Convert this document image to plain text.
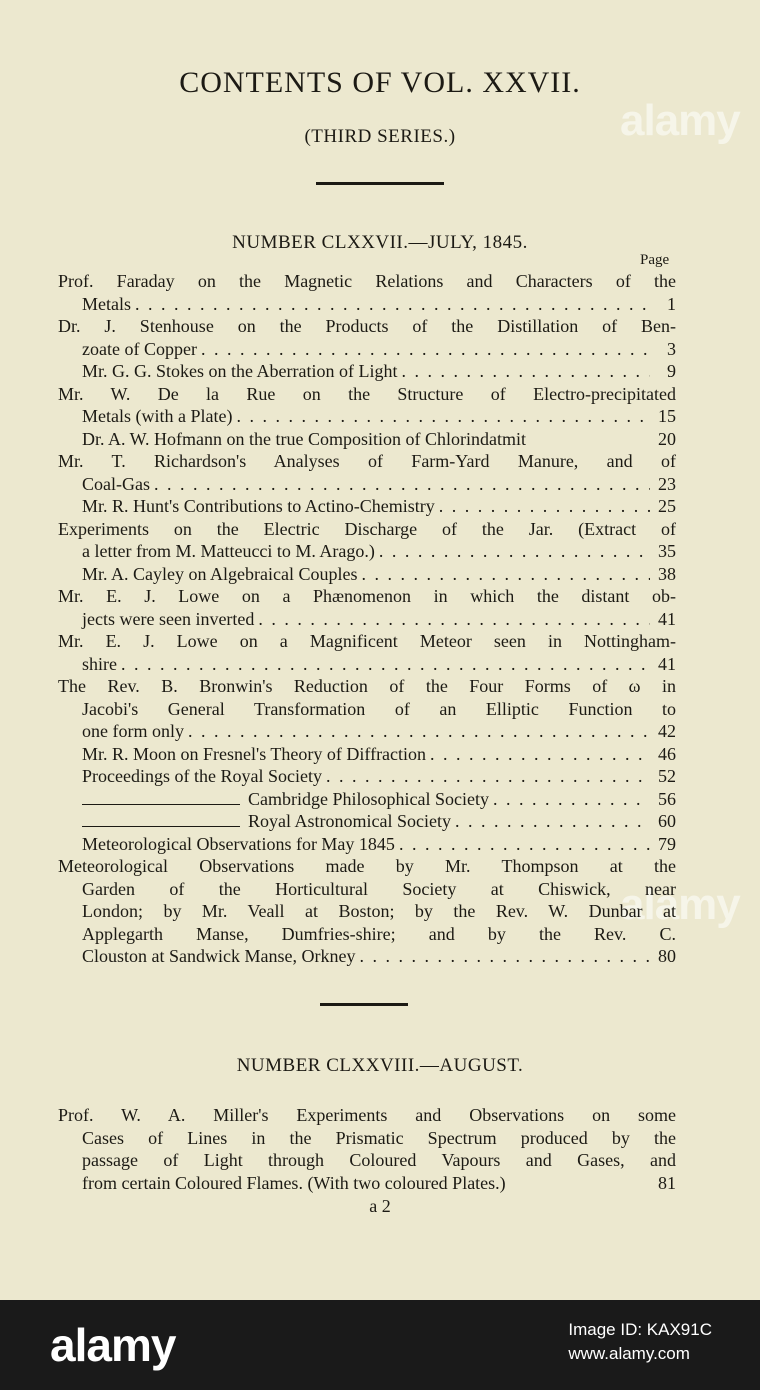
alamy
alamy
CONTENTS OF VOL. XXVII.
(THIRD SERIES.)
NUMBER CLXXVII.—JULY, 1845.
Page
Prof. Faraday on the Magnetic Relations and Characters of the
Metals . . .	1
Dr. J. Stenhouse on the Products of the Distillation of Ben-
zoate of Copper . . .	3
Mr. G. G. Stokes on the Aberration of Light . . .	9
Mr. W. De la Rue on the Structure of Electro-precipitated
Metals (with a Plate) . . .	15
Dr. A. W. Hofmann on the true Composition of Chlorindatmit	20
Mr. T. Richardson's Analyses of Farm-Yard Manure, and of
Coal-Gas . . .	23
Mr. R. Hunt's Contributions to Actino-Chemistry . . .	25
Experiments on the Electric Discharge of the Jar. (Extract of
a letter from M. Matteucci to M. Arago.) . . .	35
Mr. A. Cayley on Algebraical Couples . . .	38
Mr. E. J. Lowe on a Phænomenon in which the distant ob-
jects were seen inverted . . .	41
Mr. E. J. Lowe on a Magnificent Meteor seen in Nottingham-
shire . . .	41
The Rev. B. Bronwin's Reduction of the Four Forms of ω in
Jacobi's General Transformation of an Elliptic Function to
one form only . . .	42
Mr. R. Moon on Fresnel's Theory of Diffraction . . .	46
Proceedings of the Royal Society . . .	52
Cambridge Philosophical Society . . .	56
Royal Astronomical Society . . .	60
Meteorological Observations for May 1845 . . .	79
Meteorological Observations made by Mr. Thompson at the
Garden of the Horticultural Society at Chiswick, near
London; by Mr. Veall at Boston; by the Rev. W. Dunbar at
Applegarth Manse, Dumfries-shire; and by the Rev. C.
Clouston at Sandwick Manse, Orkney . . .	80
NUMBER CLXXVIII.—AUGUST.
Prof. W. A. Miller's Experiments and Observations on some
Cases of Lines in the Prismatic Spectrum produced by the
passage of Light through Coloured Vapours and Gases, and
from certain Coloured Flames. (With two coloured Plates.)	81
a 2
alamy	Image ID: KAX91C
www.alamy.com
